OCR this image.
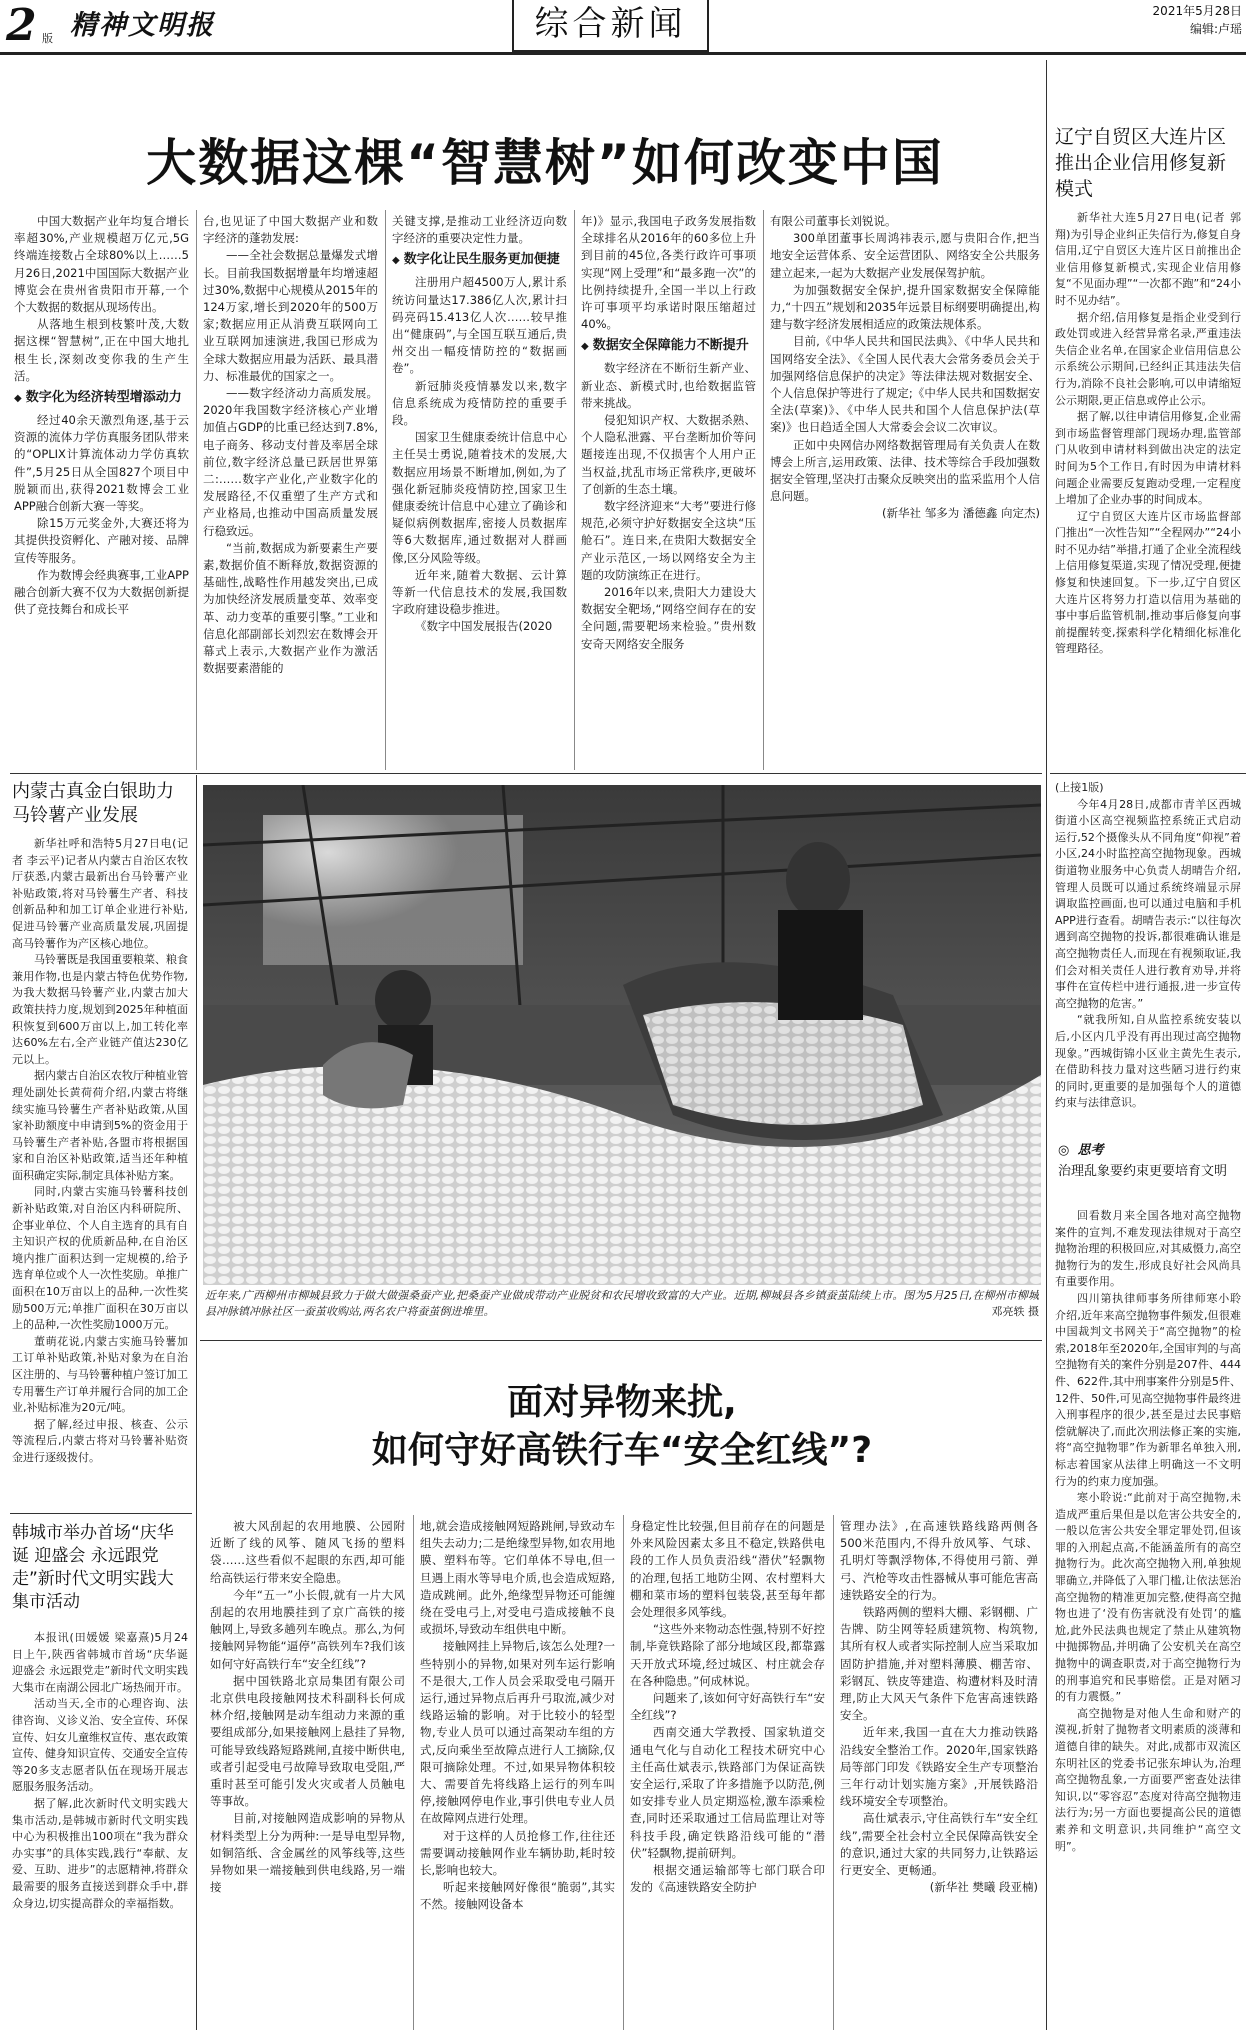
2 版 精神文明报	综合新闻	2021年5月28日
编辑:卢瑶
大数据这棵“智慧树”如何改变中国

中国大数据产业年均复合增长率超30%,产业规模超万亿元,5G终端连接数占全球80%以上……5月26日,2021中国国际大数据产业博览会在贵州省贵阳市开幕,一个个大数据的数据从现场传出。

从落地生根到枝繁叶茂,大数据这棵“智慧树”,正在中国大地扎根生长,深刻改变你我的生产生活。

◆ 数字化为经济转型增添动力

经过40余天激烈角逐,基于云资源的流体力学仿真服务团队带来的“OPLIX计算流体动力学仿真软件”,5月25日从全国827个项目中脱颖而出,获得2021数博会工业APP融合创新大赛一等奖。

除15万元奖金外,大赛还将为其提供投资孵化、产融对接、品牌宣传等服务。

作为数博会经典赛事,工业APP融合创新大赛不仅为大数据创新提供了竞技舞台和成长平

台,也见证了中国大数据产业和数字经济的蓬勃发展:

——全社会数据总量爆发式增长。目前我国数据增量年均增速超过30%,数据中心规模从2015年的124万家,增长到2020年的500万家;数据应用正从消费互联网向工业互联网加速演进,我国已形成为全球大数据应用最为活跃、最具潜力、标准最优的国家之一。

——数字经济动力高质发展。2020年我国数字经济核心产业增加值占GDP的比重已经达到7.8%,电子商务、移动支付普及率居全球前位,数字经济总量已跃居世界第二:……数字产业化,产业数字化的发展路径,不仅重塑了生产方式和产业格局,也推动中国高质量发展行稳致远。

“当前,数据成为新要素生产要素,数据价值不断释放,数据资源的基础性,战略性作用越发突出,已成为加快经济发展质量变革、效率变革、动力变革的重要引擎。”工业和信息化部副部长刘烈宏在数博会开幕式上表示,大数据产业作为激活数据要素潜能的

关键支撑,是推动工业经济迈向数字经济的重要决定性力量。

◆ 数字化让民生服务更加便捷

注册用户超4500万人,累计系统访问量达17.386亿人次,累计扫码亮码15.413亿人次……较早推出“健康码”,与全国互联互通后,贵州交出一幅疫情防控的“数据画卷”。

新冠肺炎疫情暴发以来,数字信息系统成为疫情防控的重要手段。

国家卫生健康委统计信息中心主任吴士勇说,随着技术的发展,大数据应用场景不断增加,例如,为了强化新冠肺炎疫情防控,国家卫生健康委统计信息中心建立了确诊和疑似病例数据库,密接人员数据库等6大数据库,通过数据对人群画像,区分风险等级。

近年来,随着大数据、云计算等新一代信息技术的发展,我国数字政府建设稳步推进。

《数字中国发展报告(2020

年)》显示,我国电子政务发展指数全球排名从2016年的60多位上升到目前的45位,各类行政许可事项实现“网上受理”和“最多跑一次”的比例持续提升,全国一半以上行政许可事项平均承诺时限压缩超过40%。

◆ 数据安全保障能力不断提升

数字经济在不断衍生新产业、新业态、新模式时,也给数据监管带来挑战。

侵犯知识产权、大数据杀熟、个人隐私泄露、平台垄断加价等问题接连出现,不仅损害个人用户正当权益,扰乱市场正常秩序,更破坏了创新的生态土壤。

数字经济迎来“大考”要进行修规范,必须守护好数据安全这块“压舱石”。连日来,在贵阳大数据安全产业示范区,一场以网络安全为主题的攻防演练正在进行。

2016年以来,贵阳大力建设大数据安全靶场,“网络空间存在的安全问题,需要靶场来检验。”贵州数安奇天网络安全服务

有限公司董事长刘锐说。

300单团董事长周鸿祎表示,愿与贵阳合作,把当地安全运营体系、安全运营团队、网络安全公共服务建立起来,一起为大数据产业发展保驾护航。

为加强数据安全保护,提升国家数据安全保障能力,“十四五”规划和2035年远景目标纲要明确提出,构建与数字经济发展相适应的政策法规体系。

目前,《中华人民共和国民法典》、《中华人民共和国网络安全法》、《全国人民代表大会常务委员会关于加强网络信息保护的决定》等法律法规对数据安全、个人信息保护等进行了规定;《中华人民共和国数据安全法(草案)》、《中华人民共和国个人信息保护法(草案)》也日趋适全国人大常委会会议二次审议。

正如中央网信办网络数据管理局有关负责人在数博会上所言,运用政策、法律、技术等综合手段加强数据安全管理,坚决打击聚众反映突出的监采监用个人信息问题。

(新华社 邹多为 潘德鑫 向定杰)

辽宁自贸区大连片区推出企业信用修复新模式

新华社大连5月27日电(记者 郭翔)为引导企业纠正失信行为,修复自身信用,辽宁自贸区大连片区日前推出企业信用修复新模式,实现企业信用修复“不见面办理”“一次都不跑”和“24小时不见办结”。

据介绍,信用修复是指企业受到行政处罚或进入经营异常名录,严重违法失信企业名单,在国家企业信用信息公示系统公示期间,已经纠正其违法失信行为,消除不良社会影响,可以申请缩短公示期限,更正信息或停止公示。

据了解,以往申请信用修复,企业需到市场监督管理部门现场办理,监管部门从收到申请材料到做出决定的法定时间为5个工作日,有时因为申请材料问题企业需要反复跑动受理,一定程度上增加了企业办事的时间成本。

辽宁自贸区大连片区市场监督部门推出“一次性告知”“全程网办”“24小时不见办结”举措,打通了企业全流程线上信用修复渠道,实现了情况受理,便捷修复和快速回复。下一步,辽宁自贸区大连片区将努力打造以信用为基础的事中事后监管机制,推动事后修复向事前提醒转变,探索科学化精细化标准化管理路径。

(上接1版)

今年4月28日,成都市青羊区西城街道小区高空视频监控系统正式启动运行,52个摄像头从不同角度“仰视”着小区,24小时监控高空抛物现象。西城街道物业服务中心负责人胡晴告介绍,管理人员既可以通过系统终端显示屏调取监控画面,也可以通过电脑和手机APP进行查看。胡晴告表示:“以往每次遇到高空抛物的投诉,都很难确认谁是高空抛物责任人,而现在有视频取证,我们会对相关责任人进行教育劝导,并将事件在宣传栏中进行通报,进一步宣传高空抛物的危害。”

“就我所知,自从监控系统安装以后,小区内几乎没有再出现过高空抛物现象。”西城街锦小区业主黄先生表示,在借助科技力量对这些陋习进行约束的同时,更重要的是加强每个人的道德约束与法律意识。

◎ 思考
治理乱象要约束更要培育文明

回看数月来全国各地对高空抛物案件的宣判,不难发现法律规对于高空抛物治理的积极回应,对其威慑力,高空抛物行为的发生,形成良好社会风尚具有重要作用。

四川第执律师事务所律师寒小聆介绍,近年来高空抛物事件频发,但很难中国裁判文书网关于“高空抛物”的检索,2018年至2020年,全国审判的与高空抛物有关的案件分别是207件、444件、622件,其中刑事案件分别是5件、12件、50件,可见高空抛物事件最终进入刑事程序的很少,甚至是过去民事赔偿就解决了,而此次刑法修正案的实施,将“高空抛物罪”作为新罪名单独入刑,标志着国家从法律上明确这一不文明行为的约束力度加强。

寒小聆说:“此前对于高空抛物,未造成严重后果但是以危害公共安全的,一般以危害公共安全罪定罪处罚,但该罪的入刑起点高,不能涵盖所有的高空抛物行为。此次高空抛物入刑,单独规罪确立,并降低了入罪门槛,让依法惩治高空抛物的精准更加完整,使得高空抛物也进了‘没有伤害就没有处罚’的尴尬,此外民法典也规定了禁止从建筑物中抛掷物品,并明确了公安机关在高空抛物中的调查职责,对于高空抛物行为的刑事追究和民事赔偿。正是对陋习的有力震慑。”

高空抛物是对他人生命和财产的漠视,折射了抛物者文明素质的淡薄和道德自律的缺失。对此,成都市双流区东明社区的党委书记张东坤认为,治理高空抛物乱象,一方面要严密查处法律知识,以“零容忍”态度对待高空抛物违法行为;另一方面也要提高公民的道德素养和文明意识,共同维护“高空文明”。

内蒙古真金白银助力马铃薯产业发展

新华社呼和浩特5月27日电(记者 李云平)记者从内蒙古自治区农牧厅获悉,内蒙古最新出台马铃薯产业补贴政策,将对马铃薯生产者、科技创新品种和加工订单企业进行补贴,促进马铃薯产业高质量发展,巩固提高马铃薯作为产区核心地位。

马铃薯既是我国重要粮菜、粮食兼用作物,也是内蒙古特色优势作物,为我大数据马铃薯产业,内蒙古加大政策扶持力度,规划到2025年种植面积恢复到600万亩以上,加工转化率达60%左右,全产业链产值达230亿元以上。

据内蒙古自治区农牧厅种植业管理处副处长黄荷荷介绍,内蒙古将继续实施马铃薯生产者补贴政策,从国家补助额度中申请到5%的资金用于马铃薯生产者补贴,各盟市将根据国家和自治区补贴政策,适当还年种植面积确定实际,制定具体补贴方案。

同时,内蒙古实施马铃薯科技创新补贴政策,对自治区内科研院所、企事业单位、个人自主选育的具有自主知识产权的优质新品种,在自治区境内推广面积达到一定规模的,给予选育单位或个人一次性奖励。单推广面积在10万亩以上的品种,一次性奖励500万元;单推广面积在30万亩以上的品种,一次性奖励1000万元。

董萌花说,内蒙古实施马铃薯加工订单补贴政策,补贴对象为在自治区注册的、与马铃薯种植户签订加工专用薯生产订单并履行合同的加工企业,补贴标准为20元/吨。

据了解,经过申报、核查、公示等流程后,内蒙古将对马铃薯补贴资金进行逐级拨付。

韩城市举办首场“庆华诞 迎盛会 永远跟党走”新时代文明实践大集市活动

本报讯(田媛媛 梁嘉熹)5月24日上午,陕西省韩城市首场“庆华诞 迎盛会 永远跟党走”新时代文明实践大集市在南湖公园北广场热闹开市。

活动当天,全市的心理咨询、法律咨询、义诊义治、安全宣传、环保宣传、妇女儿童维权宣传、惠农政策宣传、健身知识宣传、交通安全宣传等20多支志愿者队伍在现场开展志愿服务服务活动。

据了解,此次新时代文明实践大集市活动,是韩城市新时代文明实践中心为积极推出100项在“我为群众办实事”的具体实践,践行“奉献、友爱、互助、进步”的志愿精神,将群众最需要的服务直接送到群众手中,群众身边,切实提高群众的幸福指数。

近年来,广西柳州市柳城县致力于做大做强桑蚕产业,把桑蚕产业做成带动产业脱贫和农民增收致富的大产业。近期,柳城县各乡镇蚕茧陆续上市。图为5月25日,在柳州市柳城县冲脉镇冲脉社区一蚕茧收购站,两名农户将蚕茧倒进堆里。	邓亮轶 摄
面对异物来扰,
如何守好高铁行车“安全红线”?

被大风刮起的农用地膜、公园附近断了线的风筝、随风飞扬的塑料袋……这些看似不起眼的东西,却可能给高铁运行带来安全隐患。

今年“五一”小长假,就有一片大风刮起的农用地膜挂到了京广高铁的接触网上,导致多趟列车晚点。那么,为何接触网异物能“逼停”高铁列车?我们该如何守好高铁行车“安全红线”?

据中国铁路北京局集团有限公司北京供电段接触网技术科副科长何成林介绍,接触网是动车组动力来源的重要组成部分,如果接触网上悬挂了异物,可能导致线路短路跳闸,直接中断供电,或者引起受电弓故障导致取电受阻,严重时甚至可能引发火灾或者人员触电等事故。

目前,对接触网造成影响的异物从材料类型上分为两种:一是导电型异物,如铜箔纸、含金属丝的风筝线等,这些异物如果一端接触到供电线路,另一端接

地,就会造成接触网短路跳闸,导致动车组失去动力;二是绝缘型异物,如农用地膜、塑料布等。它们单体不导电,但一旦遇上雨水等导电介质,也会造成短路,造成跳闸。此外,绝缘型异物还可能缠绕在受电弓上,对受电弓造成接触不良或损坏,导致动车组供电中断。

接触网挂上异物后,该怎么处理?一些特别小的异物,如果对列车运行影响不是很大,工作人员会采取受电弓隔开运行,通过异物点后再升弓取流,减少对线路运输的影响。对于比较小的轻型物,专业人员可以通过高架动车组的方式,反向乘坐至故障点进行人工摘除,仅限可摘除处理。不过,如果异物体积较大、需要首先将线路上运行的列车叫停,接触网停电作业,事引供电专业人员在故障网点进行处理。

对于这样的人员抢修工作,往往还需要调动接触网作业车辆协助,耗时较长,影响也较大。

听起来接触网好像很“脆弱”,其实不然。接触网设备本

身稳定性比较强,但目前存在的问题是外来风险因素太多且不稳定,铁路供电段的工作人员负责沿线“潜伏”轻飘物的冶理,包括工地防尘网、农村塑料大棚和菜市场的塑料包装袋,甚至每年都会处理很多风筝线。

“这些外来物动态性强,特别不好控制,毕竟铁路除了部分地域区段,都靠露天开放式环境,经过城区、村庄就会存在各种隐患。”何成林说。

问题来了,该如何守好高铁行车“安全红线”?

西南交通大学教授、国家轨道交通电气化与自动化工程技术研究中心主任高仕斌表示,铁路部门为保证高铁安全运行,采取了许多措施予以防范,例如安排专业人员定期巡检,激车添乘检查,同时还采取通过工信局监理让对等科技手段,确定铁路沿线可能的“潜伏”轻飘物,提前研判。

根据交通运输部等七部门联合印发的《高速铁路安全防护

管理办法》,在高速铁路线路两侧各500米范围内,不得升放风筝、气球、孔明灯等飘浮物体,不得使用弓箭、弹弓、汽枪等攻击性器械从事可能危害高速铁路安全的行为。

铁路两侧的塑料大棚、彩钢棚、广告牌、防尘网等轻质建筑物、构筑物,其所有权人或者实际控制人应当采取加固防护措施,并对塑料薄膜、棚苦帘、彩钢瓦、铁皮等建造、构遭材料及时清理,防止大风天气条件下危害高速铁路安全。

近年来,我国一直在大力推动铁路沿线安全整治工作。2020年,国家铁路局等部门印发《铁路安全生产专项整治三年行动计划实施方案》,开展铁路沿线环境安全专项整治。

高仕斌表示,守住高铁行车“安全红线”,需要全社会村立全民保障高铁安全的意识,通过大家的共同努力,让铁路运行更安全、更畅通。

(新华社 樊曦 段亚楠)
